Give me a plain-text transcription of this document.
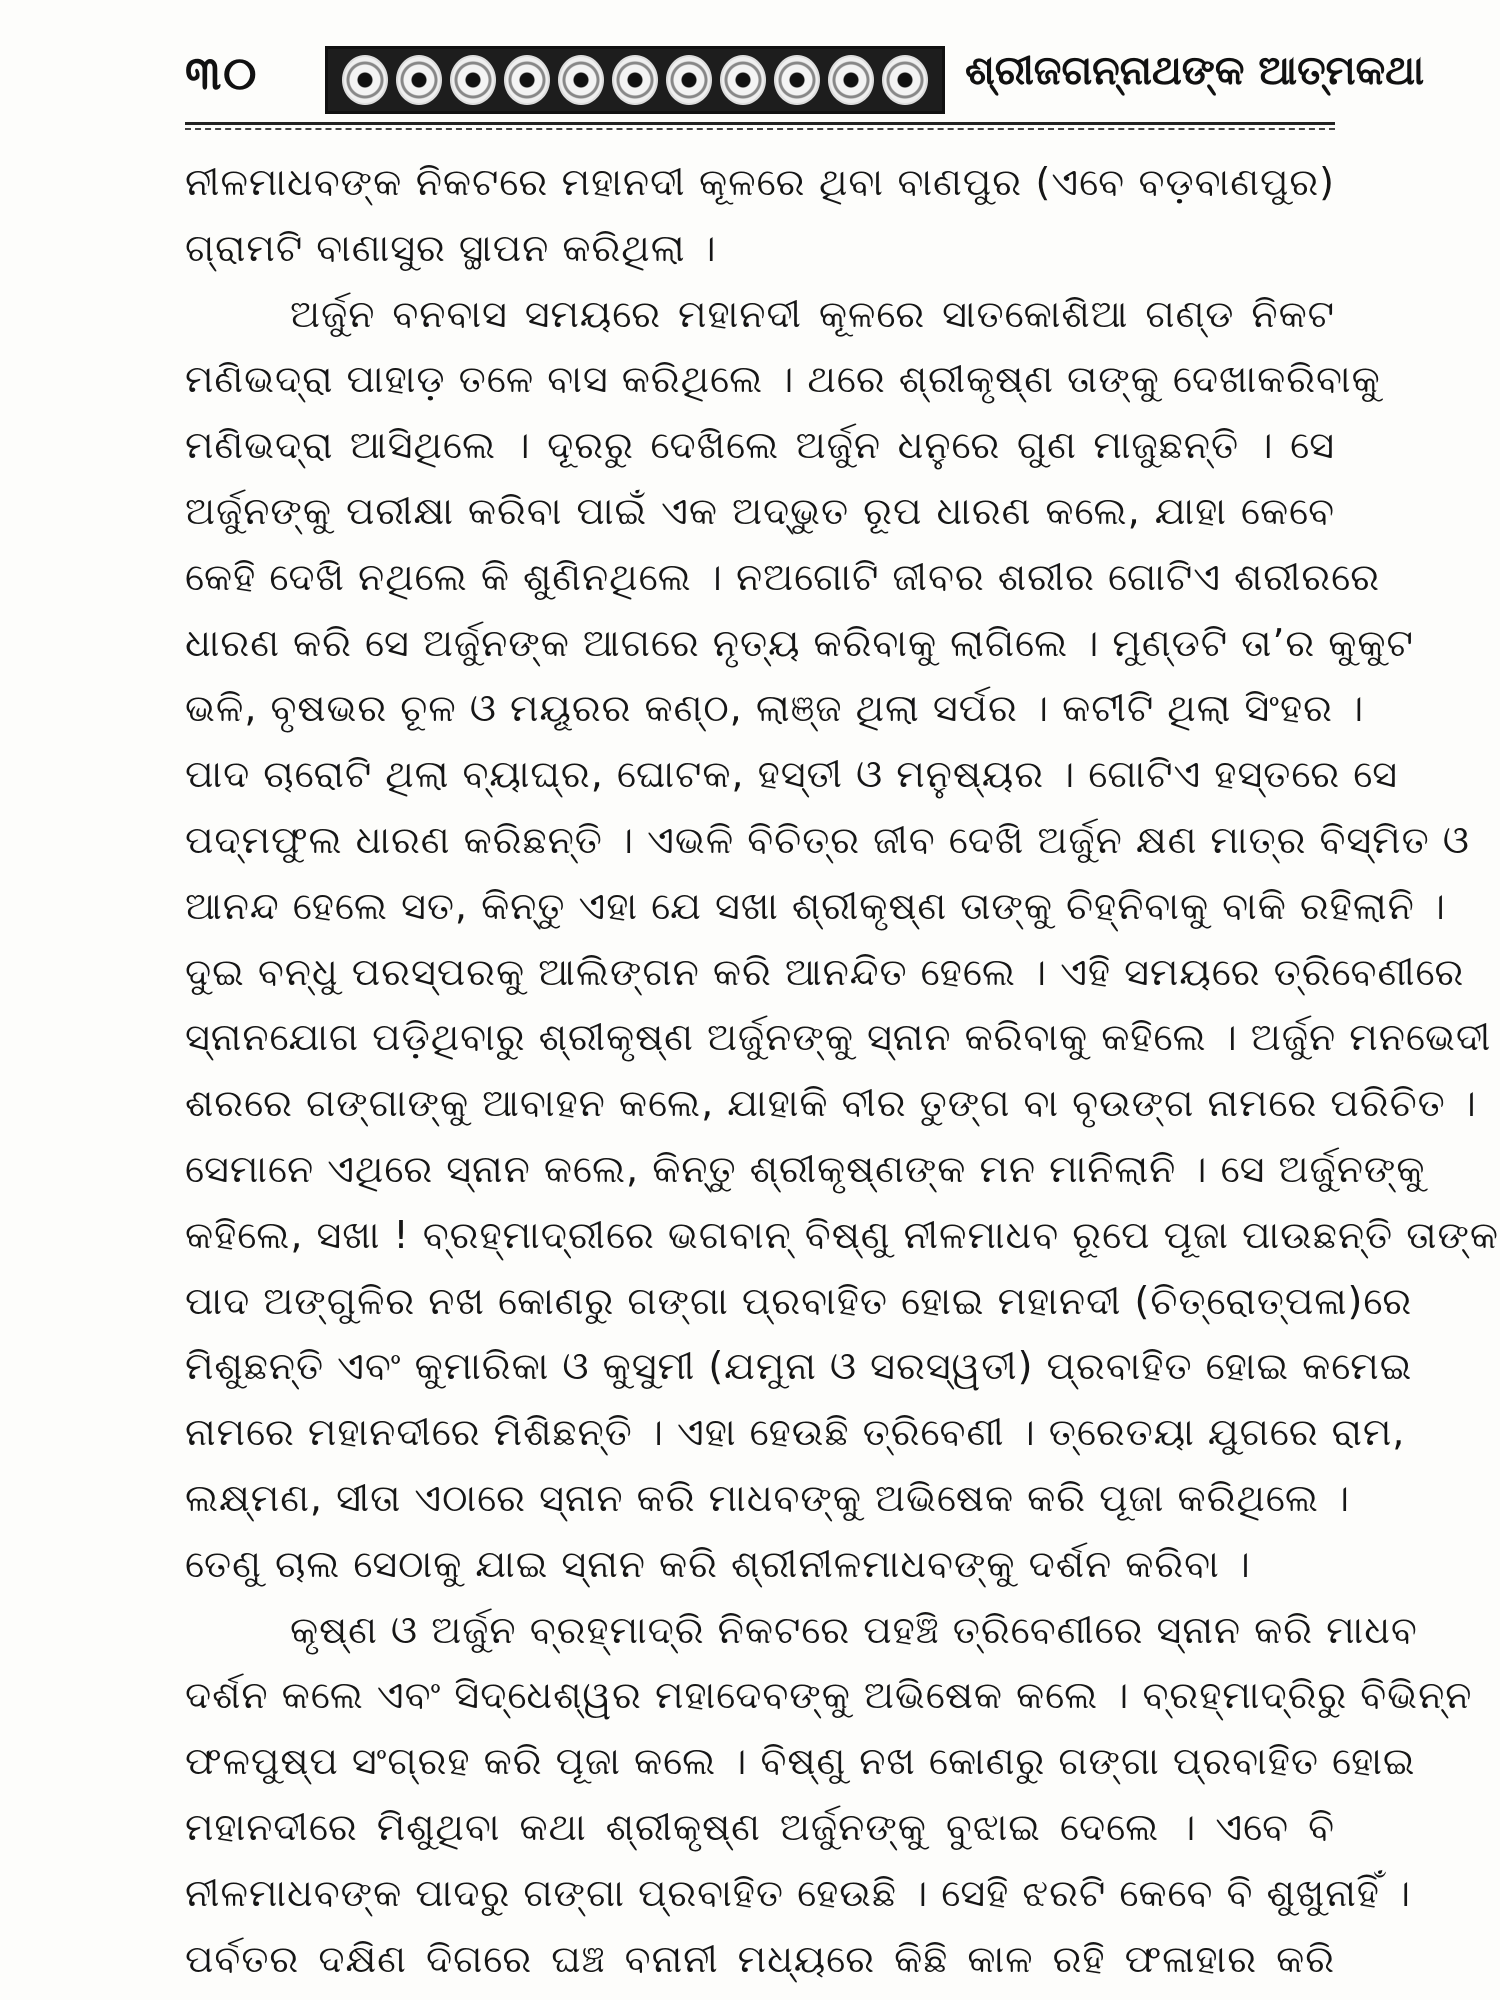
୩୦	ଶ୍ରୀଜଗନ୍ନାଥଙ୍କ ଆତ୍ମକଥା
ନୀଳମାଧବଙ୍କ ନିକଟରେ ମହାନଦୀ କୂଳରେ ଥିବା ବାଣପୁର (ଏବେ ବଡ଼ବାଣପୁର)
ଗ୍ରାମଟି ବାଣାସୁର ସ୍ଥାପନ କରିଥିଲା ।
ଅର୍ଜୁନ ବନବାସ ସମୟରେ ମହାନଦୀ କୂଳରେ ସାତକୋଶିଆ ଗଣ୍ଡ ନିକଟ
ମଣିଭଦ୍ରା ପାହାଡ଼ ତଳେ ବାସ କରିଥିଲେ । ଥରେ ଶ୍ରୀକୃଷ୍ଣ ତାଙ୍କୁ ଦେଖାକରିବାକୁ
ମଣିଭଦ୍ରା ଆସିଥିଲେ । ଦୂରରୁ ଦେଖିଲେ ଅର୍ଜୁନ ଧନୁରେ ଗୁଣ ମାଜୁଛନ୍ତି । ସେ
ଅର୍ଜୁନଙ୍କୁ ପରୀକ୍ଷା କରିବା ପାଇଁ ଏକ ଅଦ୍ଭୁତ ରୂପ ଧାରଣ କଲେ, ଯାହା କେବେ
କେହି ଦେଖି ନଥିଲେ କି ଶୁଣିନଥିଲେ । ନଅଗୋଟି ଜୀବର ଶରୀର ଗୋଟିଏ ଶରୀରରେ
ଧାରଣ କରି ସେ ଅର୍ଜୁନଙ୍କ ଆଗରେ ନୃତ୍ୟ କରିବାକୁ ଲାଗିଲେ । ମୁଣ୍ଡଟି ତା’ର କୁକୁଟ
ଭଳି, ବୃଷଭର ଚୂଳ ଓ ମୟୂରର କଣ୍ଠ, ଲାଞ୍ଜ ଥିଲା ସର୍ପର । କଟୀଟି ଥିଲା ସିଂହର ।
ପାଦ ଚାରୋଟି ଥିଲା ବ୍ୟାଘ୍ର, ଘୋଟକ, ହସ୍ତୀ ଓ ମନୁଷ୍ୟର । ଗୋଟିଏ ହସ୍ତରେ ସେ
ପଦ୍ମଫୁଲ ଧାରଣ କରିଛନ୍ତି । ଏଭଳି ବିଚିତ୍ର ଜୀବ ଦେଖି ଅର୍ଜୁନ କ୍ଷଣ ମାତ୍ର ବିସ୍ମିତ ଓ
ଆନନ୍ଦ ହେଲେ ସତ, କିନ୍ତୁ ଏହା ଯେ ସଖା ଶ୍ରୀକୃଷ୍ଣ ତାଙ୍କୁ ଚିହ୍ନିବାକୁ ବାକି ରହିଲାନି ।
ଦୁଇ ବନ୍ଧୁ ପରସ୍ପରକୁ ଆଲିଙ୍ଗନ କରି ଆନନ୍ଦିତ ହେଲେ । ଏହି ସମୟରେ ତ୍ରିବେଣୀରେ
ସ୍ନାନଯୋଗ ପଡ଼ିଥିବାରୁ ଶ୍ରୀକୃଷ୍ଣ ଅର୍ଜୁନଙ୍କୁ ସ୍ନାନ କରିବାକୁ କହିଲେ । ଅର୍ଜୁନ ମନଭେଦୀ
ଶରରେ ଗଙ୍ଗାଙ୍କୁ ଆବାହନ କଲେ, ଯାହାକି ବୀର ତୁଙ୍ଗ ବା ବୃଉଙ୍ଗ ନାମରେ ପରିଚିତ ।
ସେମାନେ ଏଥିରେ ସ୍ନାନ କଲେ, କିନ୍ତୁ ଶ୍ରୀକୃଷ୍ଣଙ୍କ ମନ ମାନିଲାନି । ସେ ଅର୍ଜୁନଙ୍କୁ
କହିଲେ, ସଖା ! ବ୍ରହ୍ମାଦ୍ରୀରେ ଭଗବାନ୍ ବିଷ୍ଣୁ ନୀଳମାଧବ ରୂପେ ପୂଜା ପାଉଛନ୍ତି ତାଙ୍କ
ପାଦ ଅଙ୍ଗୁଳିର ନଖ କୋଣରୁ ଗଙ୍ଗା ପ୍ରବାହିତ ହୋଇ ମହାନଦୀ (ଚିତ୍ରୋତ୍ପଳା)ରେ
ମିଶୁଛନ୍ତି ଏବଂ କୁମାରିକା ଓ କୁସୁମୀ (ଯମୁନା ଓ ସରସ୍ୱତୀ) ପ୍ରବାହିତ ହୋଇ କମେଇ
ନାମରେ ମହାନଦୀରେ ମିଶିଛନ୍ତି । ଏହା ହେଉଛି ତ୍ରିବେଣୀ । ତ୍ରେତୟା ଯୁଗରେ ରାମ,
ଲକ୍ଷ୍ମଣ, ସୀତା ଏଠାରେ ସ୍ନାନ କରି ମାଧବଙ୍କୁ ଅଭିଷେକ କରି ପୂଜା କରିଥିଲେ ।
ତେଣୁ ଚାଲ ସେଠାକୁ ଯାଇ ସ୍ନାନ କରି ଶ୍ରୀନୀଳମାଧବଙ୍କୁ ଦର୍ଶନ କରିବା ।
କୃଷ୍ଣ ଓ ଅର୍ଜୁନ ବ୍ରହ୍ମାଦ୍ରି ନିକଟରେ ପହଞ୍ଚି ତ୍ରିବେଣୀରେ ସ୍ନାନ କରି ମାଧବ
ଦର୍ଶନ କଲେ ଏବଂ ସିଦ୍ଧେଶ୍ୱର ମହାଦେବଙ୍କୁ ଅଭିଷେକ କଲେ । ବ୍ରହ୍ମାଦ୍ରିରୁ ବିଭିନ୍ନ
ଫଳପୁଷ୍ପ ସଂଗ୍ରହ କରି ପୂଜା କଲେ । ବିଷ୍ଣୁ ନଖ କୋଣରୁ ଗଙ୍ଗା ପ୍ରବାହିତ ହୋଇ
ମହାନଦୀରେ ମିଶୁଥିବା କଥା ଶ୍ରୀକୃଷ୍ଣ ଅର୍ଜୁନଙ୍କୁ ବୁଝାଇ ଦେଲେ । ଏବେ ବି
ନୀଳମାଧବଙ୍କ ପାଦରୁ ଗଙ୍ଗା ପ୍ରବାହିତ ହେଉଛି । ସେହି ଝରଟି କେବେ ବି ଶୁଖୁନାହିଁ ।
ପର୍ବତର ଦକ୍ଷିଣ ଦିଗରେ ଘଞ୍ଚ ବନାନୀ ମଧ୍ୟରେ କିଛି କାଳ ରହି ଫଳାହାର କରି
